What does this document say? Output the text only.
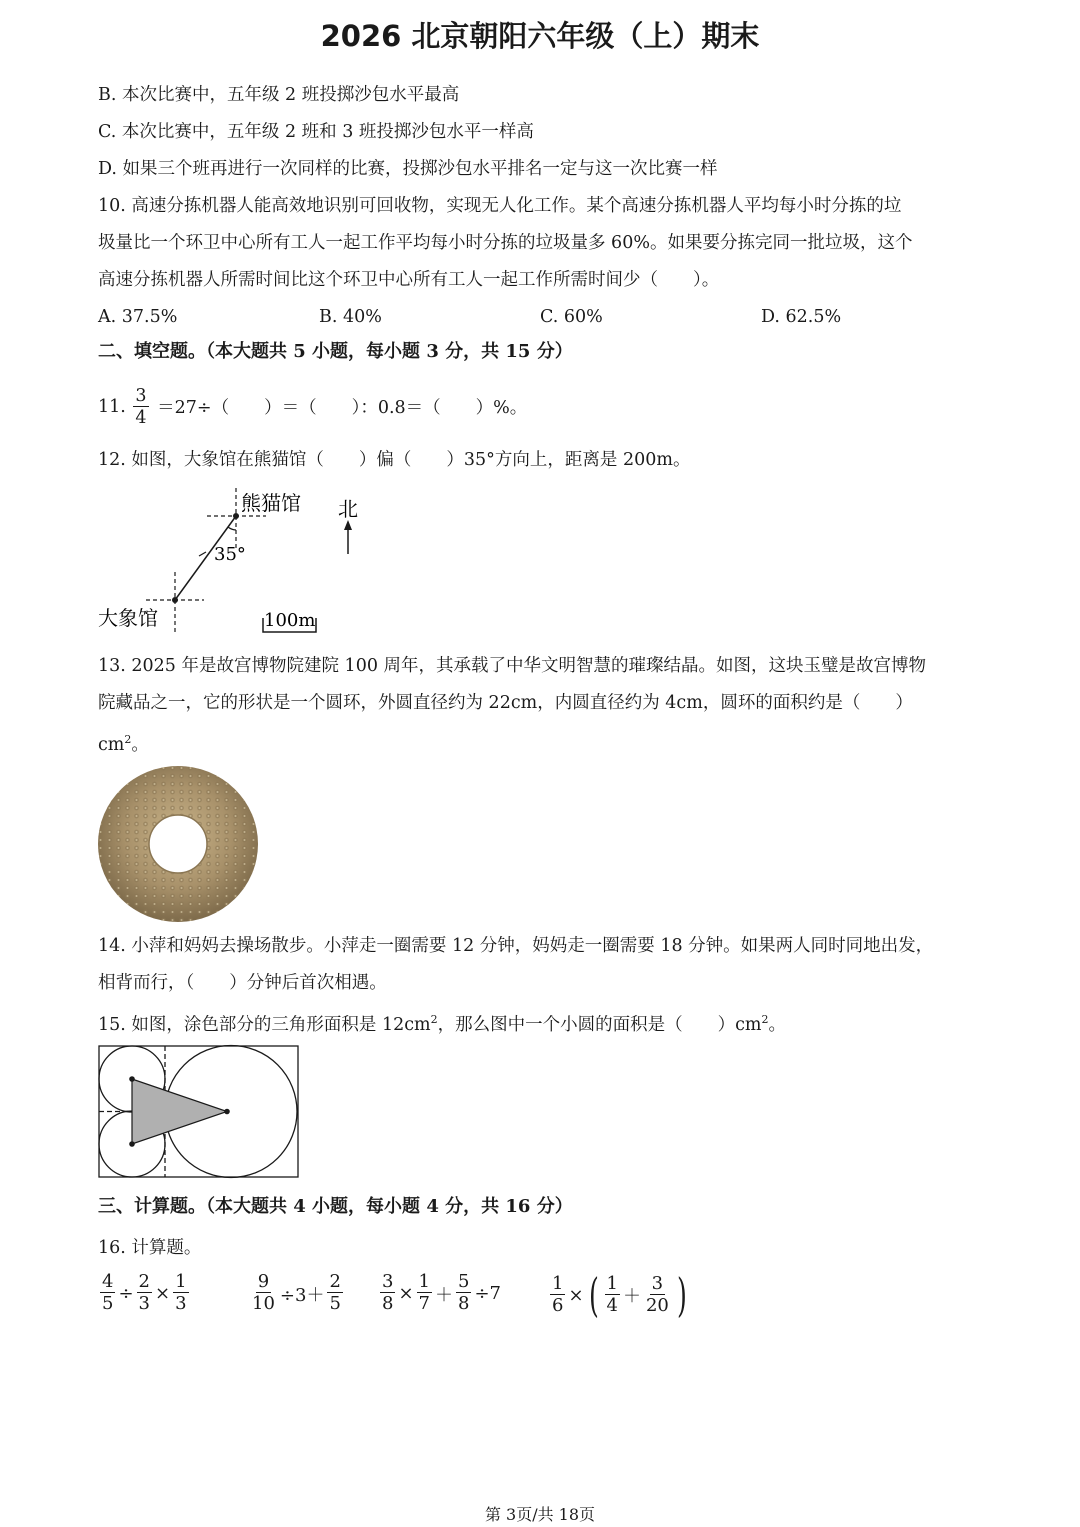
2026 北京朝阳六年级（上）期末
B. 本次比赛中，五年级 2 班投掷沙包水平最高
C. 本次比赛中，五年级 2 班和 3 班投掷沙包水平一样高
D. 如果三个班再进行一次同样的比赛，投掷沙包水平排名一定与这一次比赛一样
10. 高速分拣机器人能高效地识别可回收物，实现无人化工作。某个高速分拣机器人平均每小时分拣的垃
圾量比一个环卫中心所有工人一起工作平均每小时分拣的垃圾量多 60%。如果要分拣完同一批垃圾，这个
高速分拣机器人所需时间比这个环卫中心所有工人一起工作所需时间少（　　）。
A. 37.5%	B. 40%	C. 60%	D. 62.5%
二、填空题。（本大题共 5 小题，每小题 3 分，共 15 分）
11. $\frac{3}{4} =27\div$（　　）＝（　　）：0.8＝（　　）%。
12. 如图，大象馆在熊猫馆（　　）偏（　　）35°方向上，距离是 200m。
熊猫馆
大象馆
北
35°
100m
13. 2025 年是故宫博物院建院 100 周年，其承载了中华文明智慧的璀璨结晶。如图，这块玉璧是故宫博物
院藏品之一，它的形状是一个圆环，外圆直径约为 22cm，内圆直径约为 4cm，圆环的面积约是（　　）
$cm^2$。
14. 小萍和妈妈去操场散步。小萍走一圈需要 12 分钟，妈妈走一圈需要 18 分钟。如果两人同时同地出发，
相背而行，（　　）分钟后首次相遇。
15. 如图，涂色部分的三角形面积是 $12cm^2$，那么图中一个小圆的面积是（　　）$cm^2$。
三、计算题。（本大题共 4 小题，每小题 4 分，共 16 分）
16. 计算题。
$\frac{4}{5} \div \frac{2}{3} \times \frac{1}{3}$	$\frac{9}{10} \div 3+ \frac{2}{5} \frac{3}{8} \times \frac{1}{7} + \frac{5}{8} \div 7$	$\frac{1}{6}$ × ( $\frac{1}{4} + \frac{3}{20}$ )
第 3页/共 18页
